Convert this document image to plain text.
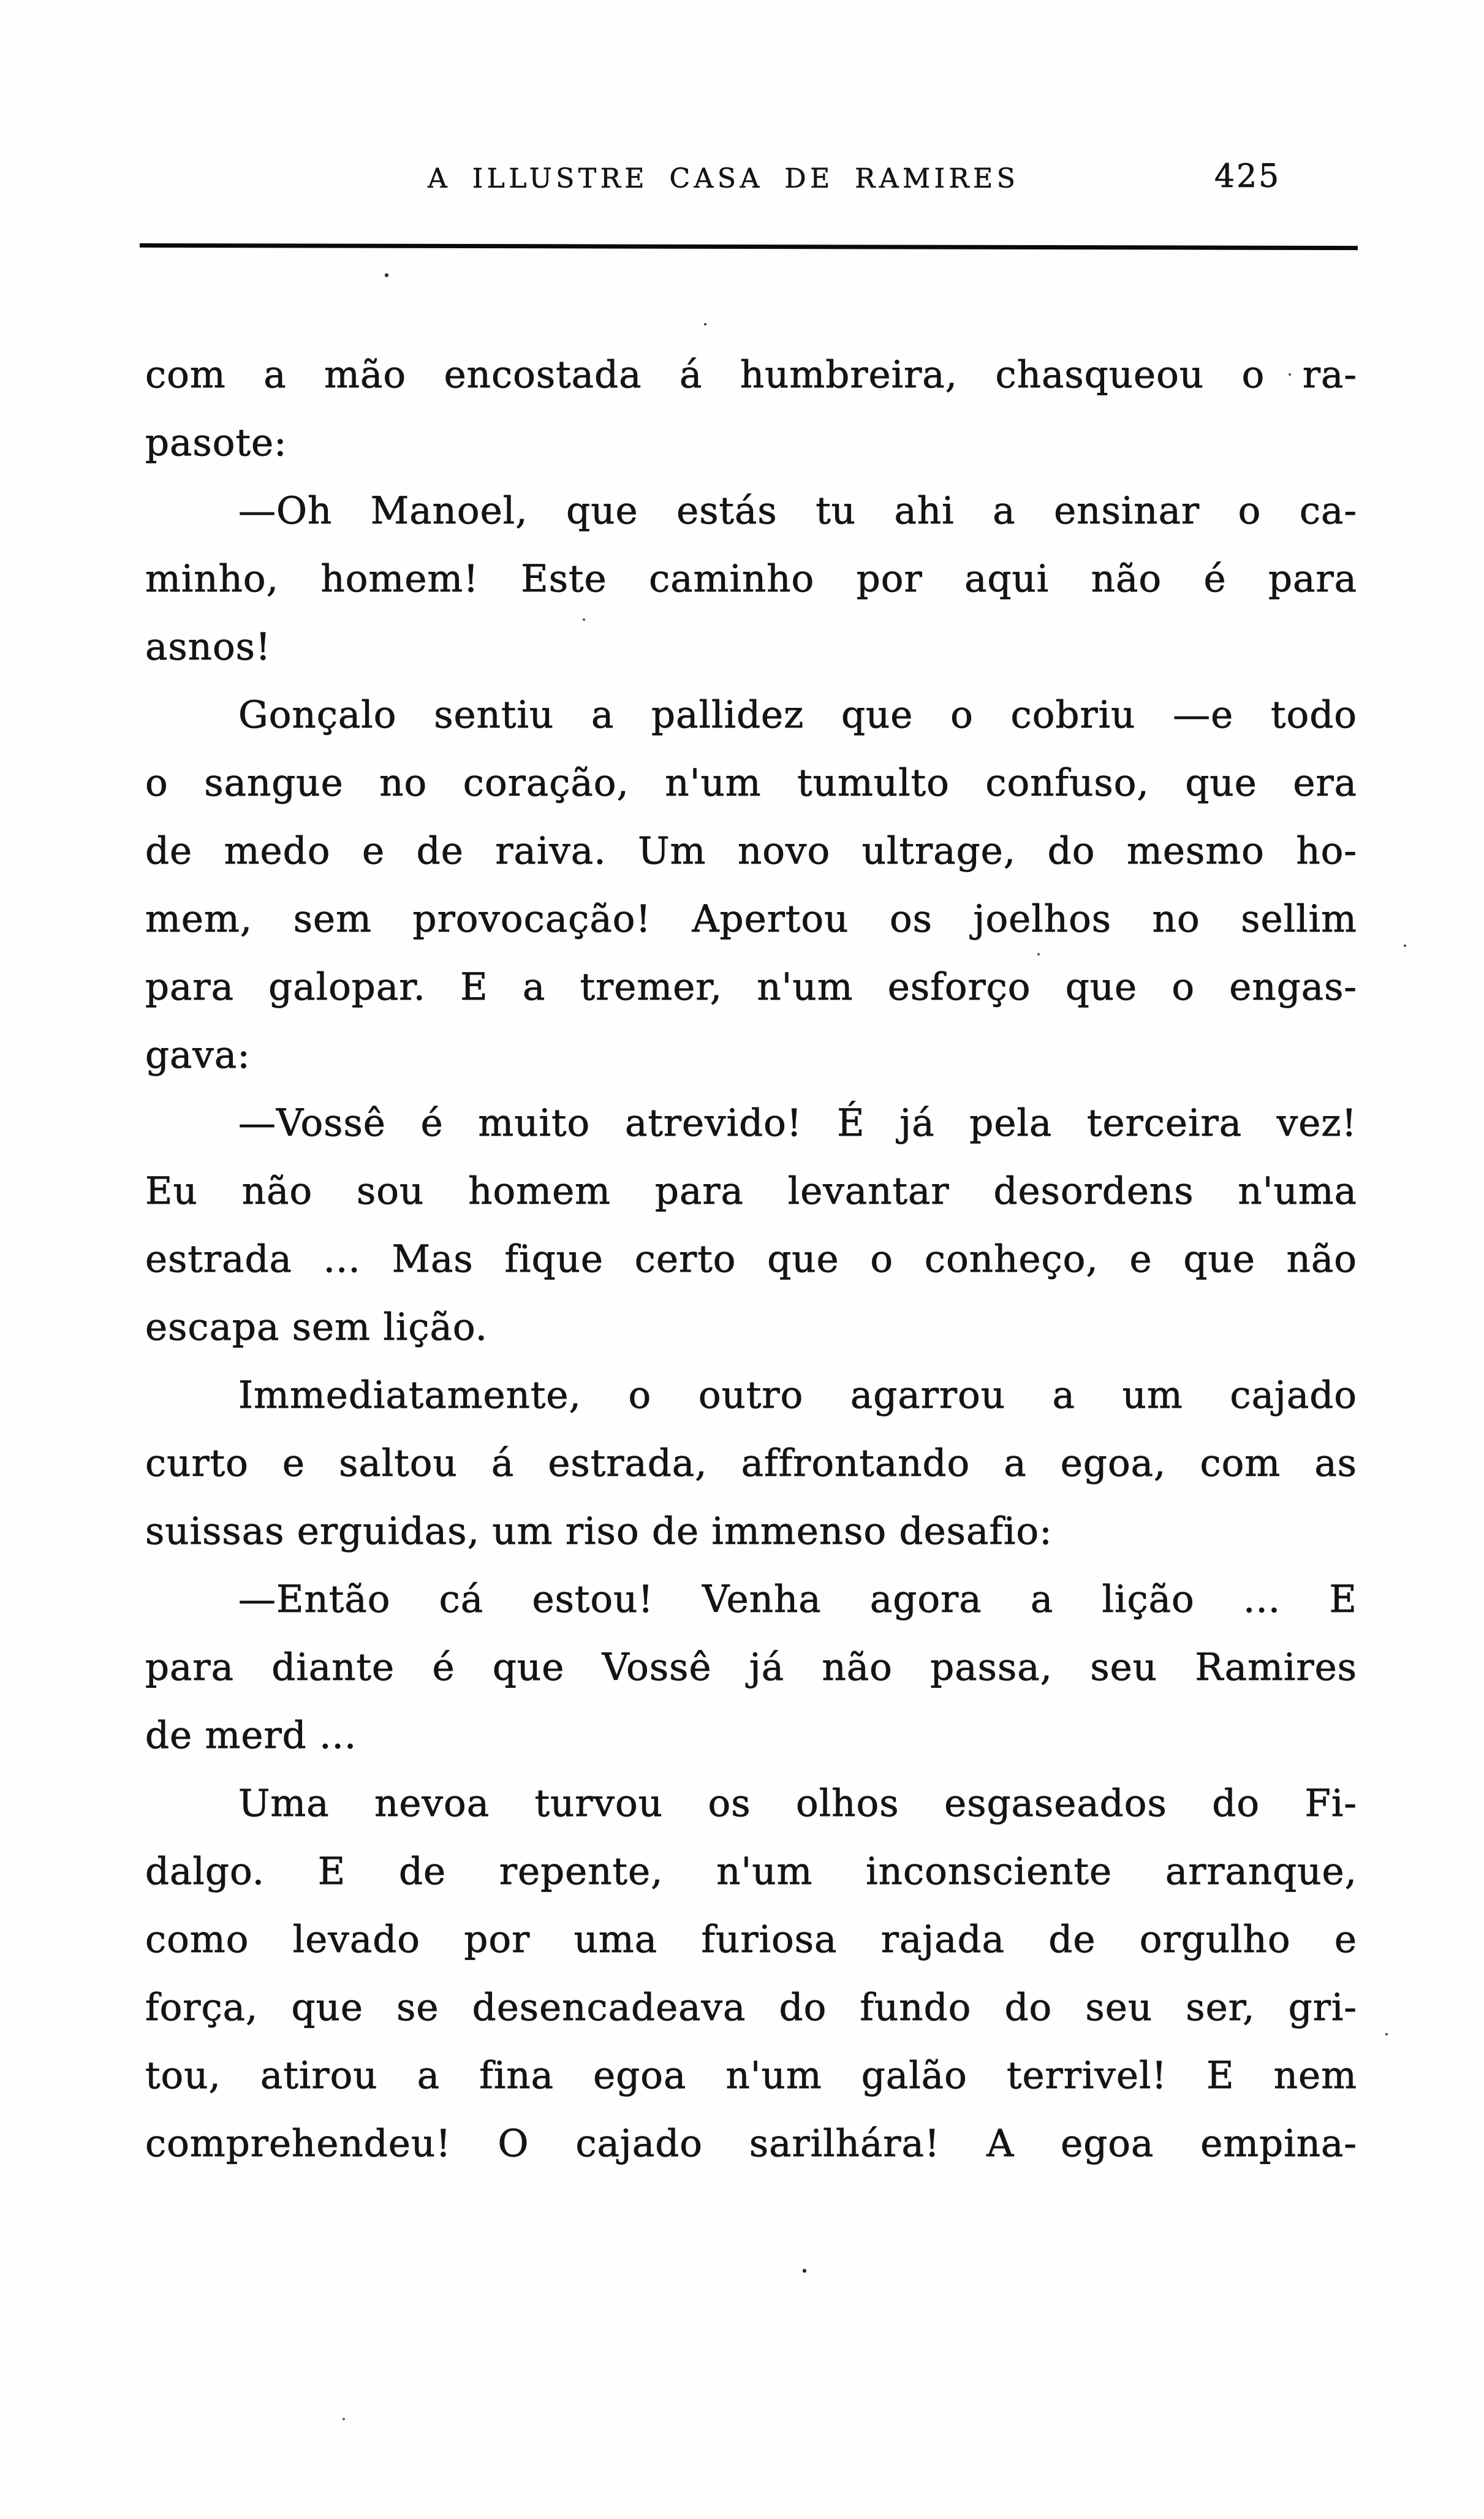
A ILLUSTRE CASA DE RAMIRES	425
com a mão encostada á humbreira, chasqueou o ra-
pasote:
—Oh Manoel, que estás tu ahi a ensinar o ca-
minho, homem! Este caminho por aqui não é para
asnos!
Gonçalo sentiu a pallidez que o cobriu —e todo
o sangue no coração, n'um tumulto confuso, que era
de medo e de raiva. Um novo ultrage, do mesmo ho-
mem, sem provocação! Apertou os joelhos no sellim
para galopar. E a tremer, n'um esforço que o engas-
gava:
—Vossê é muito atrevido! É já pela terceira vez!
Eu não sou homem para levantar desordens n'uma
estrada ... Mas fique certo que o conheço, e que não
escapa sem lição.
Immediatamente, o outro agarrou a um cajado
curto e saltou á estrada, affrontando a egoa, com as
suissas erguidas, um riso de immenso desafio:
—Então cá estou! Venha agora a lição ... E
para diante é que Vossê já não passa, seu Ramires
de merd ...
Uma nevoa turvou os olhos esgaseados do Fi-
dalgo. E de repente, n'um inconsciente arranque,
como levado por uma furiosa rajada de orgulho e
força, que se desencadeava do fundo do seu ser, gri-
tou, atirou a fina egoa n'um galão terrivel! E nem
comprehendeu! O cajado sarilhára! A egoa empina-
